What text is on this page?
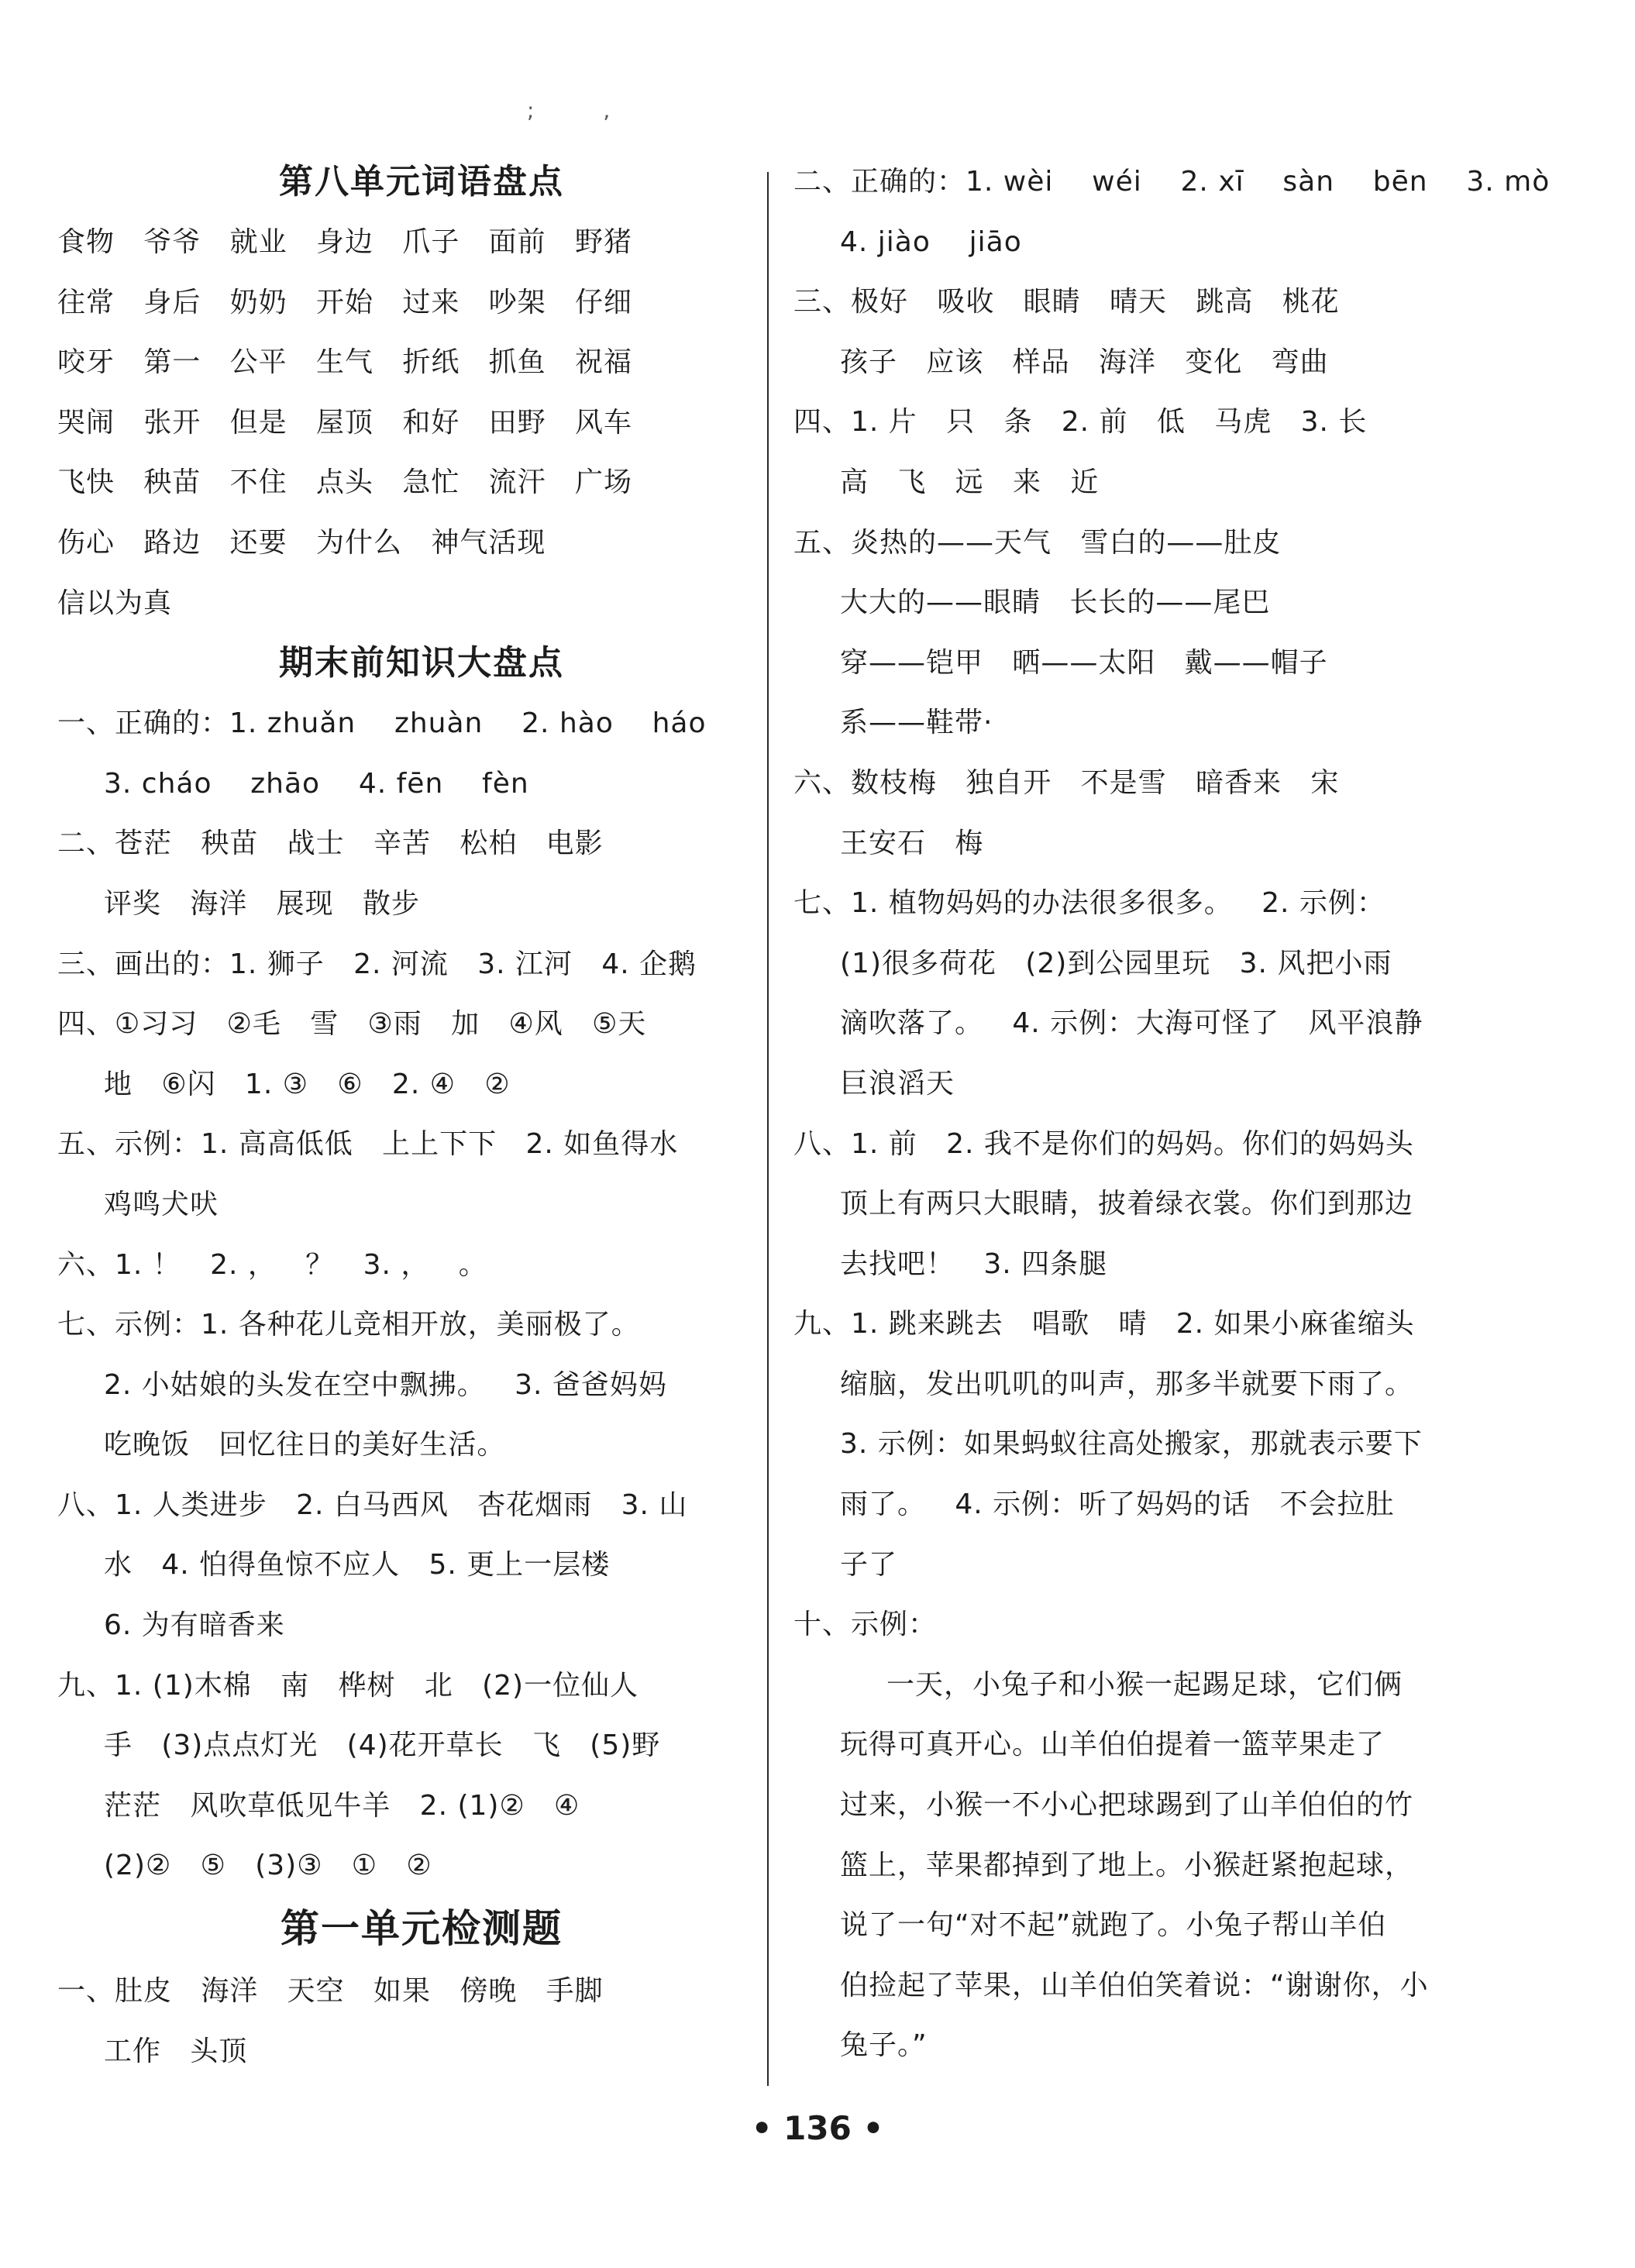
; ,
第八单元词语盘点
食物   爷爷   就业   身边   爪子   面前   野猪
往常   身后   奶奶   开始   过来   吵架   仔细
咬牙   第一   公平   生气   折纸   抓鱼   祝福
哭闹   张开   但是   屋顶   和好   田野   风车
飞快   秧苗   不住   点头   急忙   流汗   广场
伤心   路边   还要   为什么   神气活现
信以为真
期末前知识大盘点
一、正确的：1. zhuǎn    zhuàn    2. hào    háo
3. cháo    zhāo    4. fēn    fèn
二、苍茫   秧苗   战士   辛苦   松柏   电影
评奖   海洋   展现   散步
三、画出的：1. 狮子   2. 河流   3. 江河   4. 企鹅
四、①习习   ②毛   雪   ③雨   加   ④风   ⑤天
地   ⑥闪   1. ③   ⑥   2. ④   ②
五、示例：1. 高高低低   上上下下   2. 如鱼得水
鸡鸣犬吠
六、1. ！   2. ，   ？   3. ，   。
七、示例：1. 各种花儿竞相开放，美丽极了。
2. 小姑娘的头发在空中飘拂。   3. 爸爸妈妈
吃晚饭   回忆往日的美好生活。
八、1. 人类进步   2. 白马西风   杏花烟雨   3. 山
水   4. 怕得鱼惊不应人   5. 更上一层楼
6. 为有暗香来
九、1. (1)木棉   南   桦树   北   (2)一位仙人
手   (3)点点灯光   (4)花开草长   飞   (5)野
茫茫   风吹草低见牛羊   2. (1)②   ④
(2)②   ⑤   (3)③   ①   ②
第一单元检测题
一、肚皮   海洋   天空   如果   傍晚   手脚
工作   头顶
二、正确的：1. wèi    wéi    2. xī    sàn    bēn    3. mò
4. jiào    jiāo
三、极好   吸收   眼睛   晴天   跳高   桃花
孩子   应该   样品   海洋   变化   弯曲
四、1. 片   只   条   2. 前   低   马虎   3. 长
高   飞   远   来   近
五、炎热的——天气   雪白的——肚皮
大大的——眼睛   长长的——尾巴
穿——铠甲   晒——太阳   戴——帽子
系——鞋带·
六、数枝梅   独自开   不是雪   暗香来   宋
王安石   梅
七、1. 植物妈妈的办法很多很多。   2. 示例：
(1)很多荷花   (2)到公园里玩   3. 风把小雨
滴吹落了。   4. 示例：大海可怪了   风平浪静
巨浪滔天
八、1. 前   2. 我不是你们的妈妈。你们的妈妈头
顶上有两只大眼睛，披着绿衣裳。你们到那边
去找吧！   3. 四条腿
九、1. 跳来跳去   唱歌   晴   2. 如果小麻雀缩头
缩脑，发出叽叽的叫声，那多半就要下雨了。
3. 示例：如果蚂蚁往高处搬家，那就表示要下
雨了。   4. 示例：听了妈妈的话   不会拉肚
子了
十、示例：
一天，小兔子和小猴一起踢足球，它们俩
玩得可真开心。山羊伯伯提着一篮苹果走了
过来，小猴一不小心把球踢到了山羊伯伯的竹
篮上，苹果都掉到了地上。小猴赶紧抱起球，
说了一句“对不起”就跑了。小兔子帮山羊伯
伯捡起了苹果，山羊伯伯笑着说：“谢谢你，小
兔子。”
• 136 •
